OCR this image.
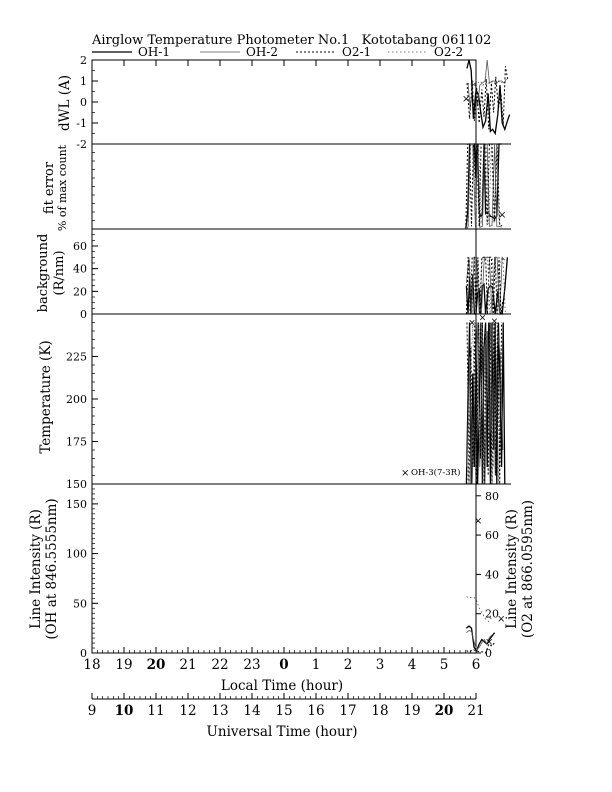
Airglow Temperature Photometer No.1   Kototabang 061102
OH-1	OH-2	O2-1	O2-2
dWL (A)
fit error % of max count
background (R/nm)
Temperature (K)
Line Intensity (R) (OH at 846.5555nm)	Line Intensity (R) (O2 at 866.0595nm)
× OH-3(7-3R)
Local Time (hour)
Universal Time (hour)
2
1
0
-1
-2
60
40
20
0
225
200
175
150
150
100
50
0
80
60
40
20
0
18 19 20 21 22 23 0 1 2 3 4 5 6
9 10 11 12 13 14 15 16 17 18 19 20 21
×
× ×
×
×
×
×
×
